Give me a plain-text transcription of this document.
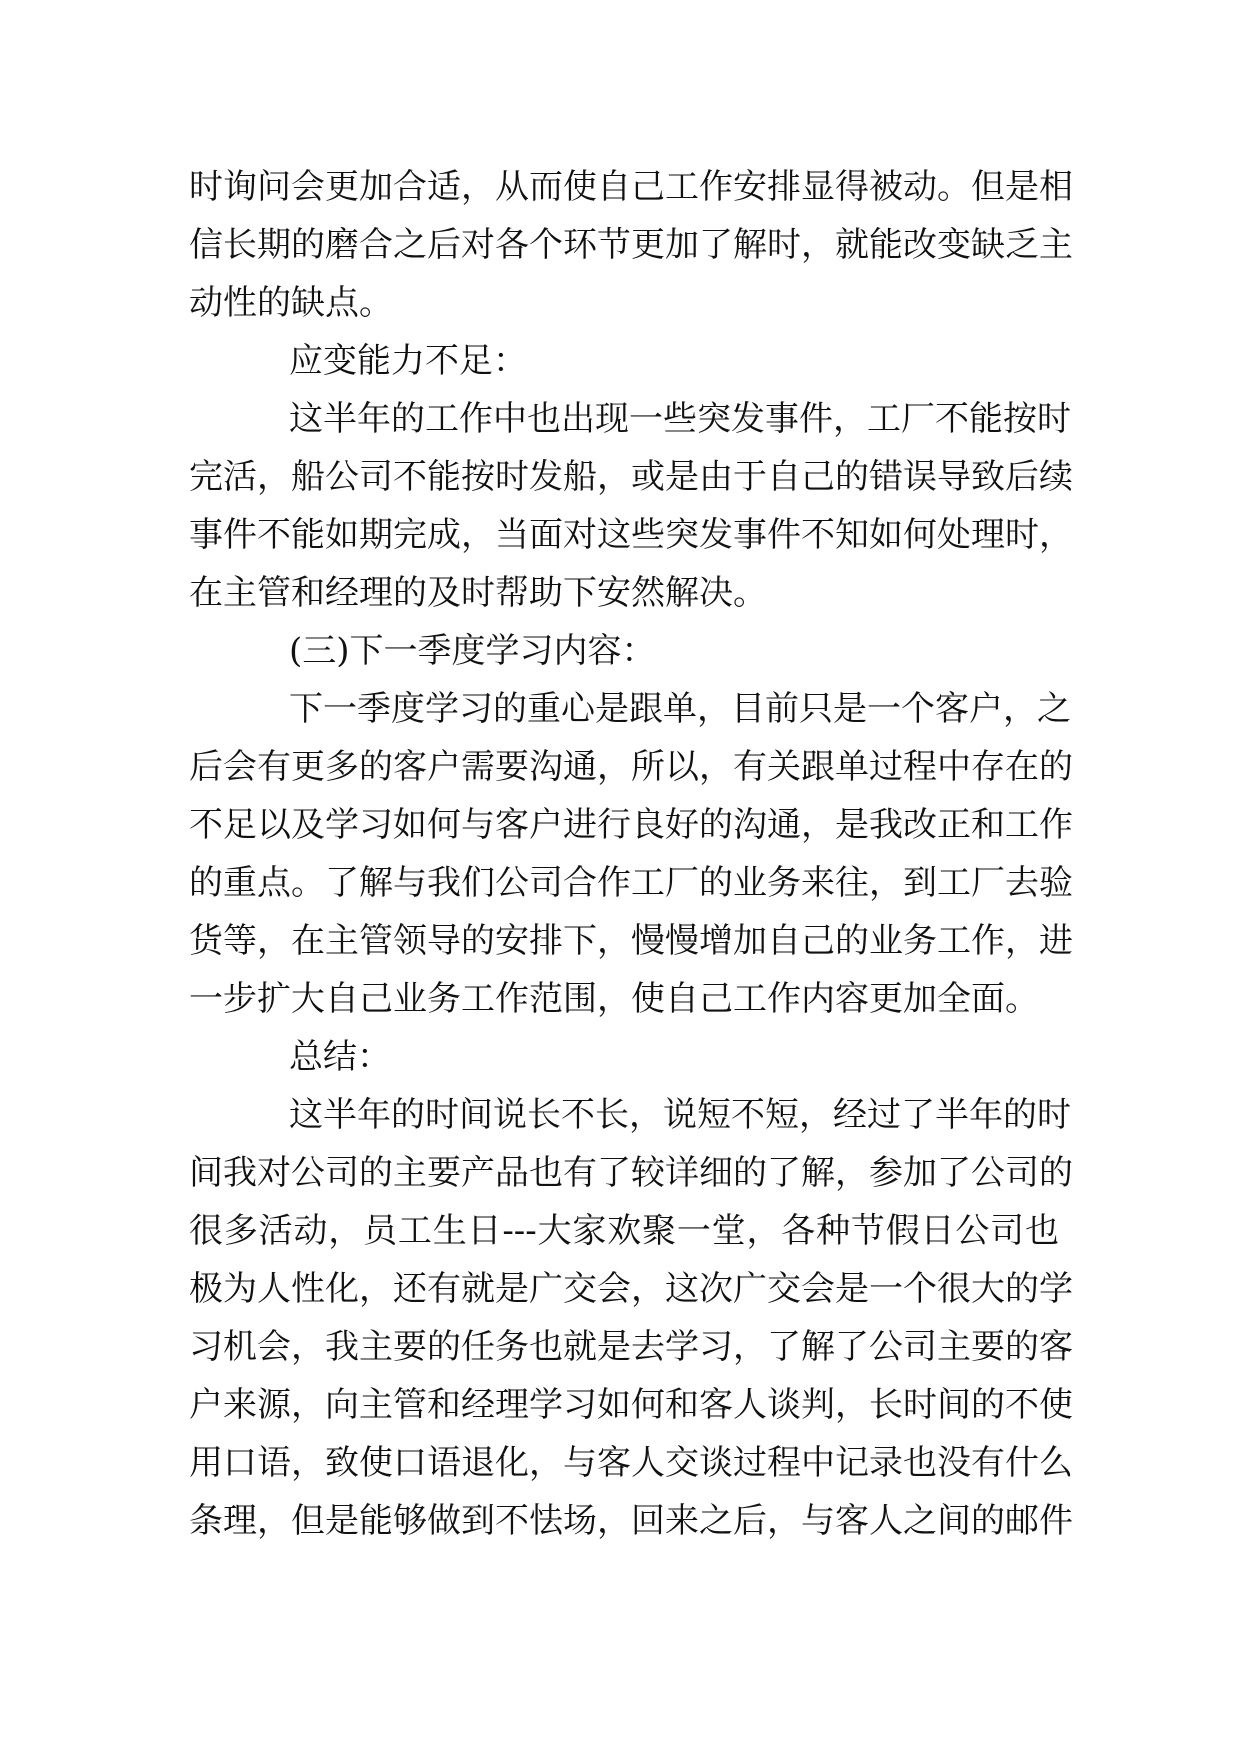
时询问会更加合适，从而使自己工作安排显得被动。但是相
信长期的磨合之后对各个环节更加了解时，就能改变缺乏主
动性的缺点。
应变能力不足：
这半年的工作中也出现一些突发事件，工厂不能按时
完活，船公司不能按时发船，或是由于自己的错误导致后续
事件不能如期完成，当面对这些突发事件不知如何处理时，
在主管和经理的及时帮助下安然解决。
(三)下一季度学习内容：
下一季度学习的重心是跟单，目前只是一个客户，之
后会有更多的客户需要沟通，所以，有关跟单过程中存在的
不足以及学习如何与客户进行良好的沟通，是我改正和工作
的重点。了解与我们公司合作工厂的业务来往，到工厂去验
货等，在主管领导的安排下，慢慢增加自己的业务工作，进
一步扩大自己业务工作范围，使自己工作内容更加全面。
总结：
这半年的时间说长不长，说短不短，经过了半年的时
间我对公司的主要产品也有了较详细的了解，参加了公司的
很多活动，员工生日---大家欢聚一堂，各种节假日公司也
极为人性化，还有就是广交会，这次广交会是一个很大的学
习机会，我主要的任务也就是去学习，了解了公司主要的客
户来源，向主管和经理学习如何和客人谈判，长时间的不使
用口语，致使口语退化，与客人交谈过程中记录也没有什么
条理，但是能够做到不怯场，回来之后，与客人之间的邮件
